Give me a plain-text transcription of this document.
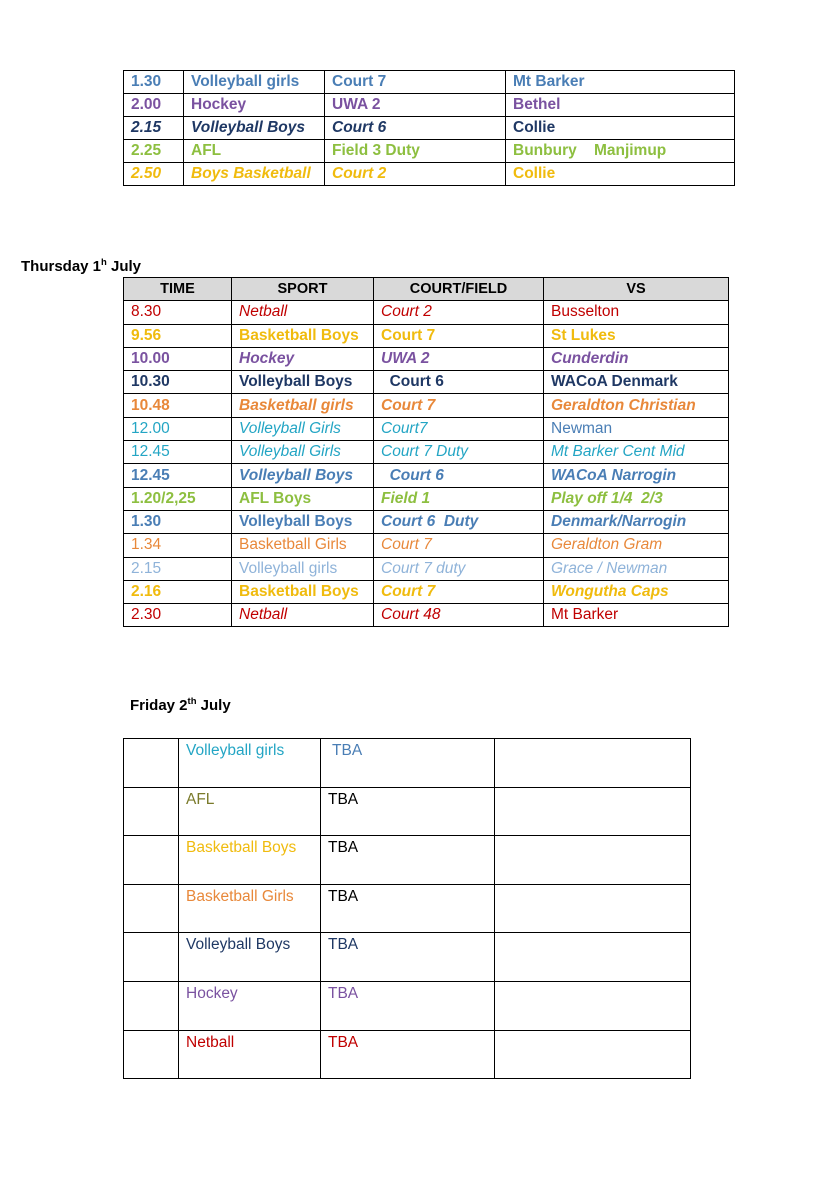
1.30	Volleyball girls	Court 7	Mt Barker
2.00	Hockey	UWA 2	Bethel
2.15	Volleyball Boys	Court 6	Collie
2.25	AFL	Field 3 Duty	Bunbury    Manjimup
2.50	Boys Basketball	Court 2	Collie
Thursday 1$^h$ July
TIME	SPORT	COURT/FIELD	VS
8.30	Netball	Court 2	Busselton
9.56	Basketball Boys	Court 7	St Lukes
10.00	Hockey	UWA 2	Cunderdin
10.30	Volleyball Boys	Court 6	WACoA Denmark
10.48	Basketball girls	Court 7	Geraldton Christian
12.00	Volleyball Girls	Court7	Newman
12.45	Volleyball Girls	Court 7 Duty	Mt Barker Cent Mid
12.45	Volleyball Boys	Court 6	WACoA Narrogin
1.20/2,25	AFL Boys	Field 1	Play off 1/4  2/3
1.30	Volleyball Boys	Court 6  Duty	Denmark/Narrogin
1.34	Basketball Girls	Court 7	Geraldton Gram
2.15	Volleyball girls	Court 7 duty	Grace / Newman
2.16	Basketball Boys	Court 7	Wongutha Caps
2.30	Netball	Court 48	Mt Barker
Friday 2th July
	Volleyball girls	TBA	
	AFL	TBA	
	Basketball Boys	TBA	
	Basketball Girls	TBA	
	Volleyball Boys	TBA	
	Hockey	TBA	
	Netball	TBA	
